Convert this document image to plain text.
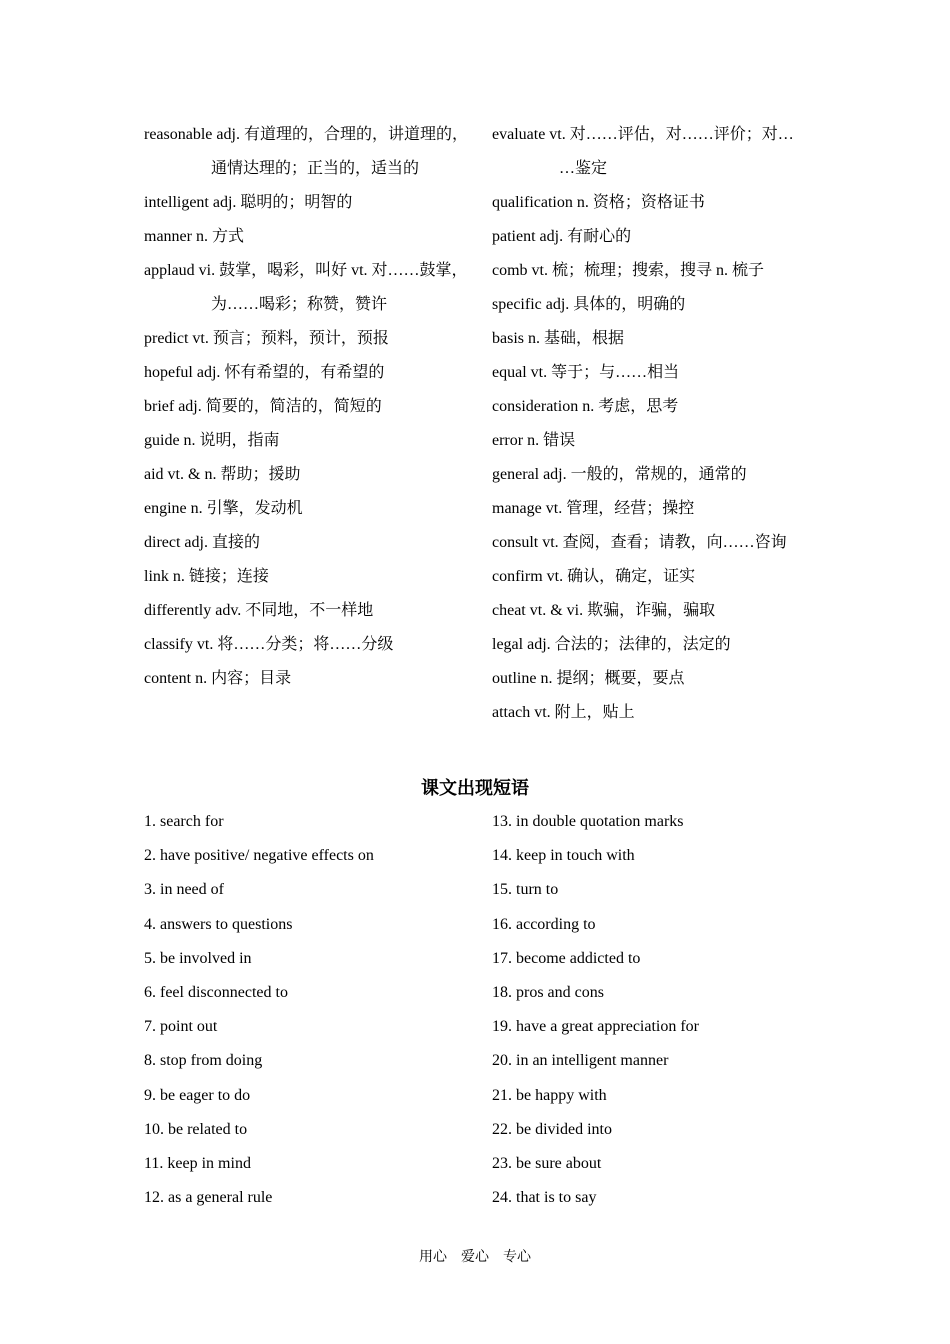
reasonable adj. 有道理的，合理的，讲道理的，
通情达理的；正当的，适当的
intelligent adj. 聪明的；明智的
manner n. 方式
applaud vi. 鼓掌，喝彩，叫好 vt. 对……鼓掌，
为……喝彩；称赞，赞许
predict vt. 预言；预料，预计，预报
hopeful adj. 怀有希望的，有希望的
brief adj. 简要的，简洁的，简短的
guide n. 说明，指南
aid vt. & n. 帮助；援助
engine n. 引擎，发动机
direct adj. 直接的
link n. 链接；连接
differently adv. 不同地，不一样地
classify vt. 将……分类；将……分级
content n. 内容；目录
evaluate vt. 对……评估，对……评价；对…
…鉴定
qualification n. 资格；资格证书
patient adj. 有耐心的
comb vt. 梳；梳理；搜索，搜寻 n. 梳子
specific adj. 具体的，明确的
basis n. 基础，根据
equal vt. 等于；与……相当
consideration n. 考虑，思考
error n. 错误
general adj. 一般的，常规的，通常的
manage vt. 管理，经营；操控
consult vt. 查阅，查看；请教，向……咨询
confirm vt. 确认，确定，证实
cheat vt. & vi. 欺骗，诈骗，骗取
legal adj. 合法的；法律的，法定的
outline n. 提纲；概要，要点
attach vt. 附上，贴上
课文出现短语
1. search for
2. have positive/ negative effects on
3. in need of
4. answers to questions
5. be involved in
6. feel disconnected to
7. point out
8. stop from doing
9. be eager to do
10. be related to
11. keep in mind
12. as a general rule
13. in double quotation marks
14. keep in touch with
15. turn to
16. according to
17. become addicted to
18. pros and cons
19. have a great appreciation for
20. in an intelligent manner
21. be happy with
22. be divided into
23. be sure about
24. that is to say
用心　爱心　专心
